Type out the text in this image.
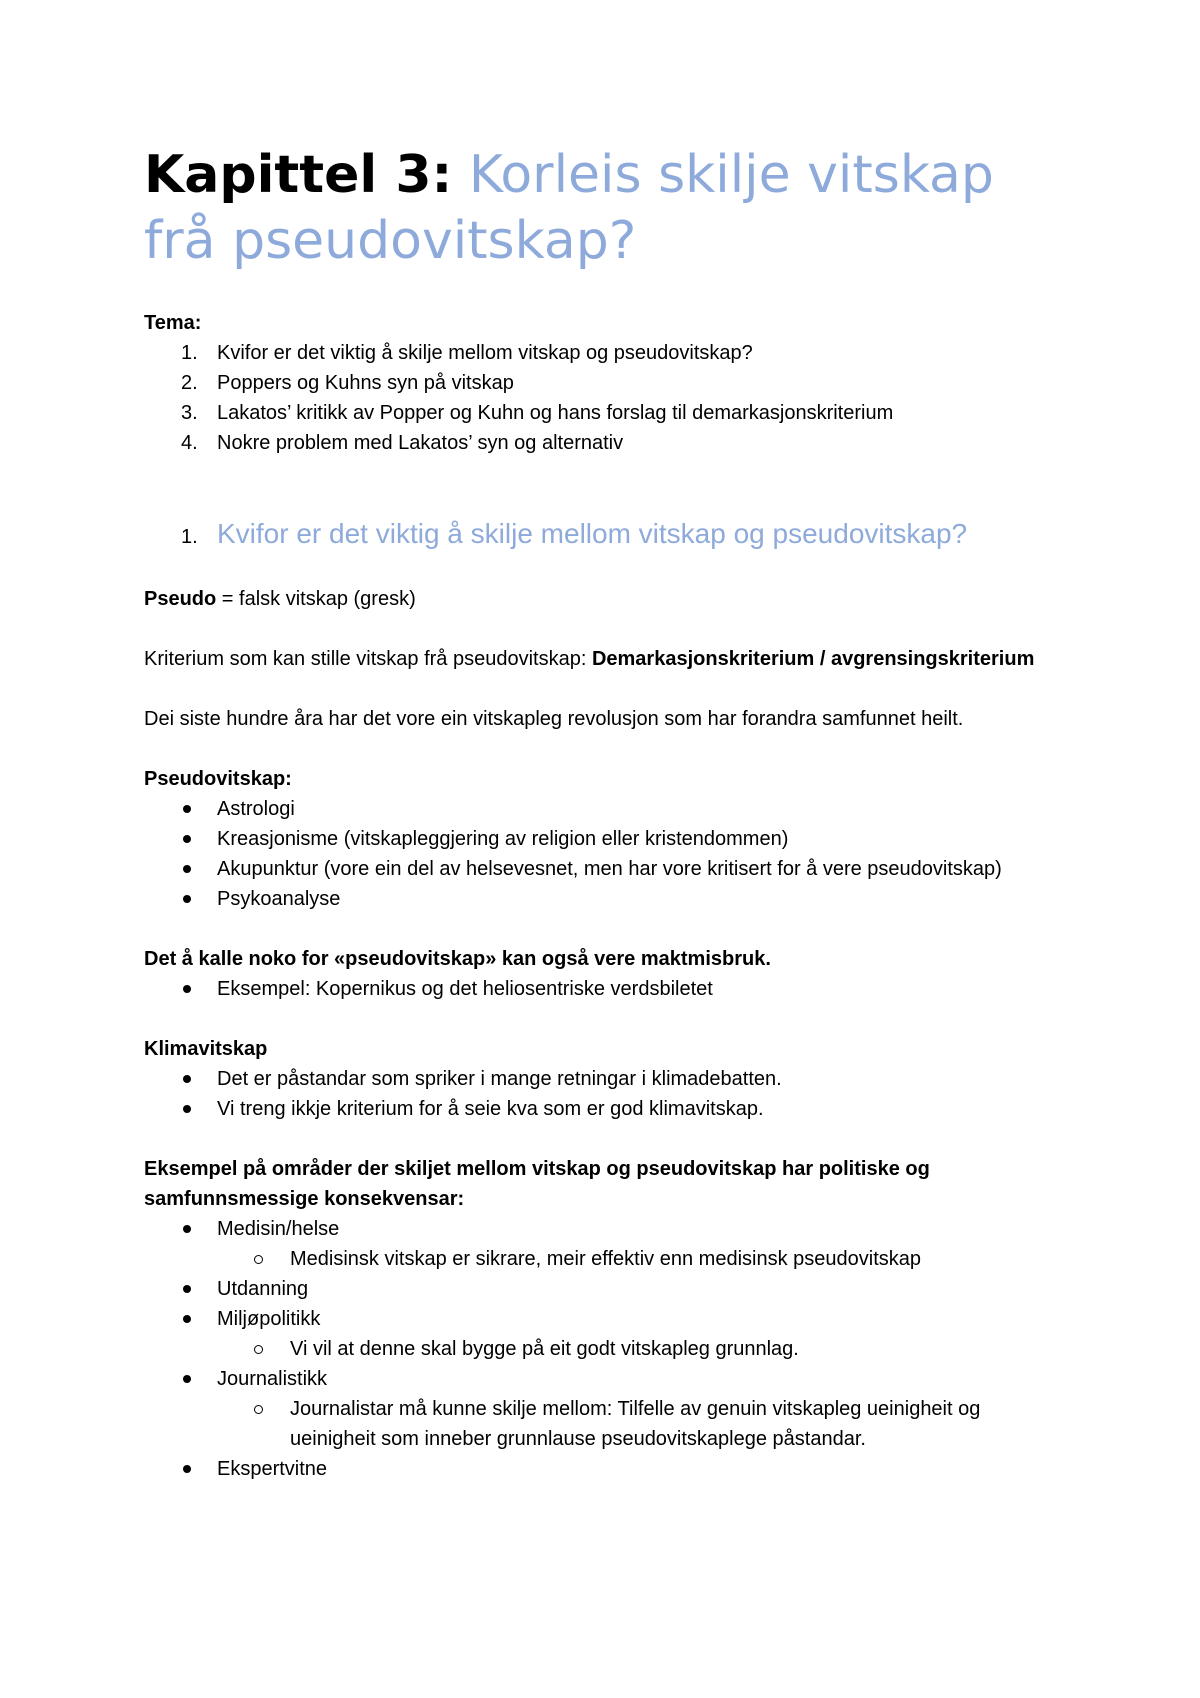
Kapittel 3: Korleis skilje vitskap frå pseudovitskap?

Tema:

1. Kvifor er det viktig å skilje mellom vitskap og pseudovitskap?
2. Poppers og Kuhns syn på vitskap
3. Lakatos’ kritikk av Popper og Kuhn og hans forslag til demarkasjonskriterium
4. Nokre problem med Lakatos’ syn og alternativ
1. Kvifor er det viktig å skilje mellom vitskap og pseudovitskap?

Pseudo = falsk vitskap (gresk)

Kriterium som kan stille vitskap frå pseudovitskap: Demarkasjonskriterium / avgrensingskriterium

Dei siste hundre åra har det vore ein vitskapleg revolusjon som har forandra samfunnet heilt.

Pseudovitskap:

Astrologi
Kreasjonisme (vitskapleggjering av religion eller kristendommen)
Akupunktur (vore ein del av helsevesnet, men har vore kritisert for å vere pseudovitskap)
Psykoanalyse

Det å kalle noko for «pseudovitskap» kan også vere maktmisbruk.

Eksempel: Kopernikus og det heliosentriske verdsbiletet

Klimavitskap

Det er påstandar som spriker i mange retningar i klimadebatten.
Vi treng ikkje kriterium for å seie kva som er god klimavitskap.

Eksempel på områder der skiljet mellom vitskap og pseudovitskap har politiske og samfunnsmessige konsekvensar:

Medisin/helse
Medisinsk vitskap er sikrare, meir effektiv enn medisinsk pseudovitskap
Utdanning
Miljøpolitikk
Vi vil at denne skal bygge på eit godt vitskapleg grunnlag.
Journalistikk
Journalistar må kunne skilje mellom: Tilfelle av genuin vitskapleg ueinigheit og ueinigheit som inneber grunnlause pseudovitskaplege påstandar.
Ekspertvitne
